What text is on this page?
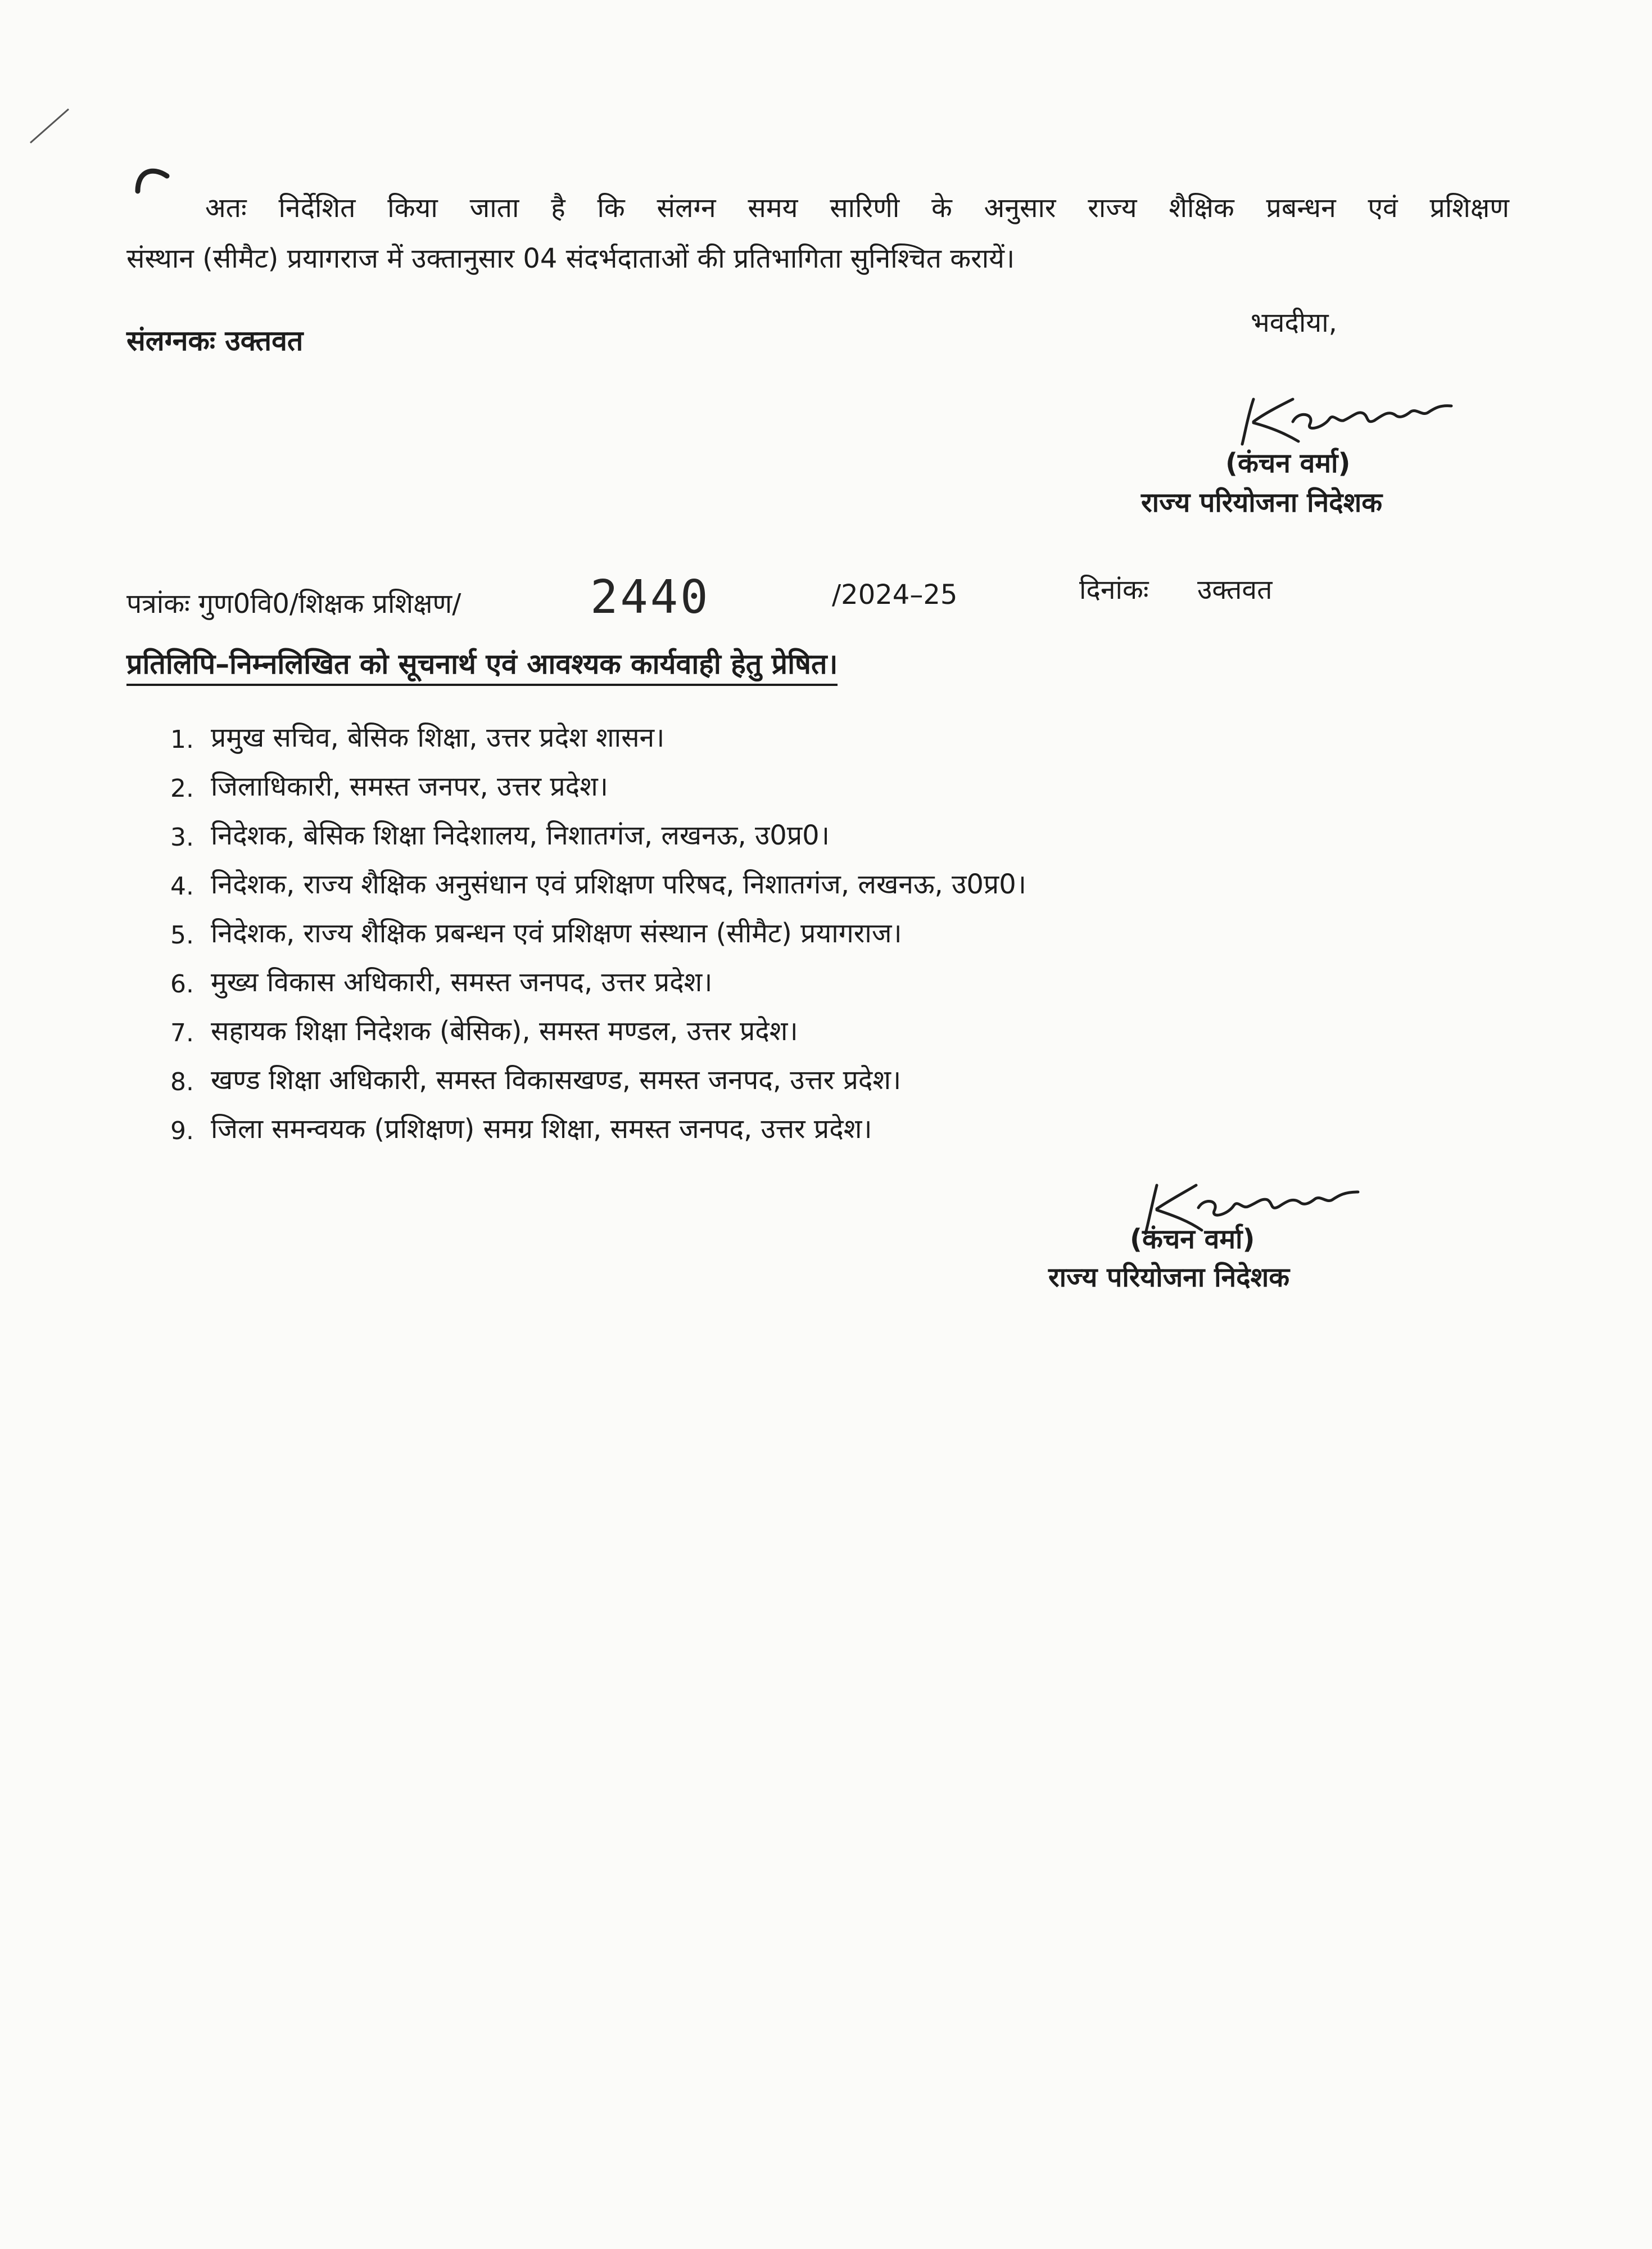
अतः निर्देशित किया जाता है कि संलग्न समय सारिणी के अनुसार राज्य शैक्षिक प्रबन्धन एवं प्रशिक्षण
संस्थान (सीमैट) प्रयागराज में उक्तानुसार 04 संदर्भदाताओं की प्रतिभागिता सुनिश्चित करायें।
संलग्नकः उक्तवत
भवदीया,
(कंचन वर्मा)
राज्य परियोजना निदेशक
पत्रांकः गुण0वि0/शिक्षक प्रशिक्षण/	2440	/2024–25	दिनांकः उक्तवत
प्रतिलिपि–निम्नलिखित को सूचनार्थ एवं आवश्यक कार्यवाही हेतु प्रेषित।
1. प्रमुख सचिव, बेसिक शिक्षा, उत्तर प्रदेश शासन।
2. जिलाधिकारी, समस्त जनपर, उत्तर प्रदेश।
3. निदेशक, बेसिक शिक्षा निदेशालय, निशातगंज, लखनऊ, उ0प्र0।
4. निदेशक, राज्य शैक्षिक अनुसंधान एवं प्रशिक्षण परिषद, निशातगंज, लखनऊ, उ0प्र0।
5. निदेशक, राज्य शैक्षिक प्रबन्धन एवं प्रशिक्षण संस्थान (सीमैट) प्रयागराज।
6. मुख्य विकास अधिकारी, समस्त जनपद, उत्तर प्रदेश।
7. सहायक शिक्षा निदेशक (बेसिक), समस्त मण्डल, उत्तर प्रदेश।
8. खण्ड शिक्षा अधिकारी, समस्त विकासखण्ड, समस्त जनपद, उत्तर प्रदेश।
9. जिला समन्वयक (प्रशिक्षण) समग्र शिक्षा, समस्त जनपद, उत्तर प्रदेश।
(कंचन वर्मा)
राज्य परियोजना निदेशक
